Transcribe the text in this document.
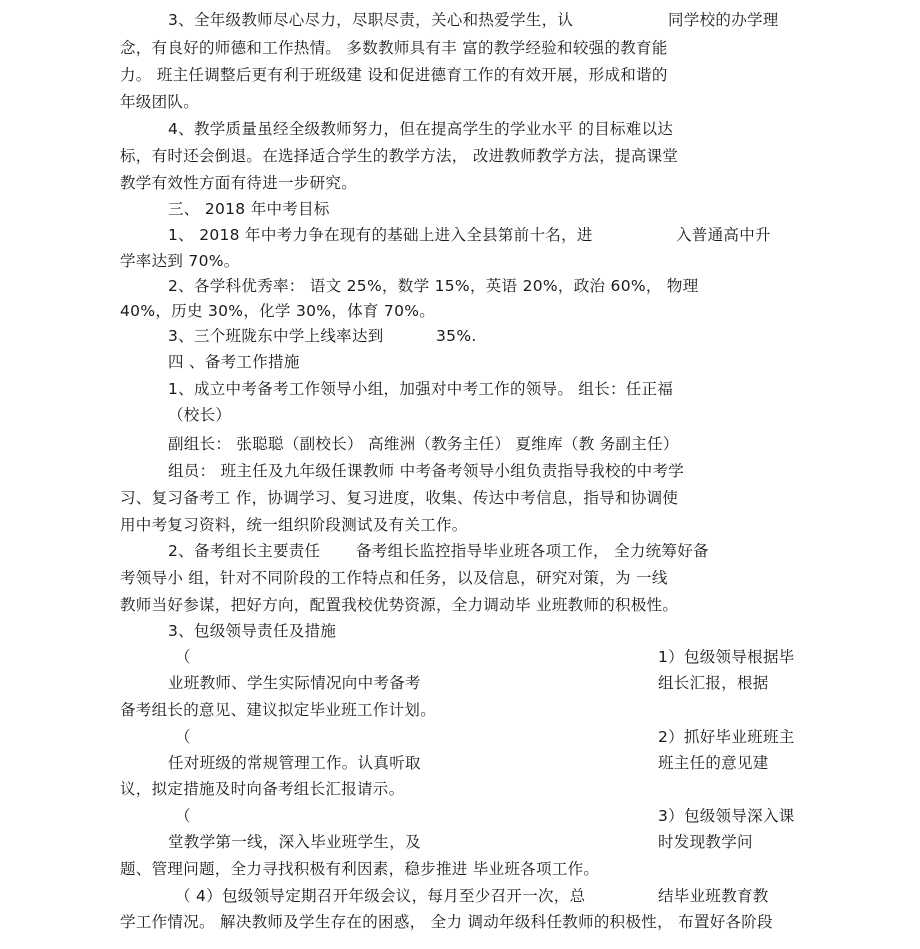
3、全年级教师尽心尽力，尽职尽责，关心和热爱学生，认	同学校的办学理
念，有良好的师德和工作热情。 多数教师具有丰 富的教学经验和较强的教育能
力。 班主任调整后更有利于班级建 设和促进德育工作的有效开展，形成和谐的
年级团队。
4、教学质量虽经全级教师努力，但在提高学生的学业水平 的目标难以达
标，有时还会倒退。在选择适合学生的教学方法， 改进教师教学方法，提高课堂
教学有效性方面有待进一步研究。
三、 2018 年中考目标
1、 2018 年中考力争在现有的基础上进入全县第前十名，进	入普通高中升
学率达到 70%。
2、各学科优秀率： 语文 25%，数学 15%，英语 20%，政治 60%， 物理
40%，历史 30%，化学 30%，体育 70%。
3、三个班陇东中学上线率达到	35%.
四 、备考工作措施
1、成立中考备考工作领导小组，加强对中考工作的领导。 组长：任正福
（校长）
副组长： 张聪聪（副校长） 高维洲（教务主任） 夏维库（教 务副主任）
组员： 班主任及九年级任课教师 中考备考领导小组负责指导我校的中考学
习、复习备考工 作，协调学习、复习进度，收集、传达中考信息，指导和协调使
用中考复习资料，统一组织阶段测试及有关工作。
2、备考组长主要责任 备考组长监控指导毕业班各项工作， 全力统筹好备
考领导小 组，针对不同阶段的工作特点和任务，以及信息，研究对策，为 一线
教师当好参谋，把好方向，配置我校优势资源，全力调动毕 业班教师的积极性。
3、包级领导责任及措施
（	1）包级领导根据毕
业班教师、学生实际情况向中考备考	组长汇报，根据
备考组长的意见、建议拟定毕业班工作计划。
（	2）抓好毕业班班主
任对班级的常规管理工作。认真听取	班主任的意见建
议，拟定措施及时向备考组长汇报请示。
（	3）包级领导深入课
堂教学第一线，深入毕业班学生，及	时发现教学问
题、管理问题，全力寻找积极有利因素，稳步推进 毕业班各项工作。
（ 4）包级领导定期召开年级会议，每月至少召开一次，总	结毕业班教育教
学工作情况。 解决教师及学生存在的困惑， 全力 调动年级科任教师的积极性， 布置好各阶段
